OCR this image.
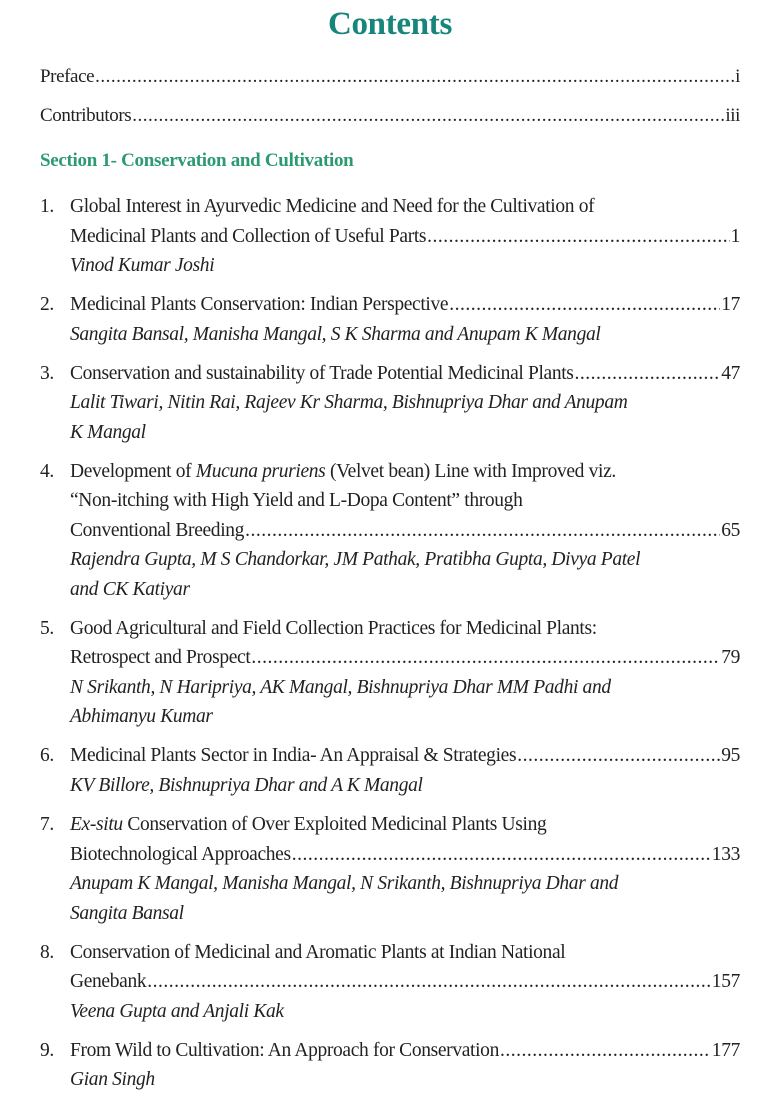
Contents
Preface .....	i
Contributors .....	iii
Section 1- Conservation and Cultivation
1. Global Interest in Ayurvedic Medicine and Need for the Cultivation of
Medicinal Plants and Collection of Useful Parts .....	1
Vinod Kumar Joshi
2. Medicinal Plants Conservation: Indian Perspective .....	17
Sangita Bansal, Manisha Mangal, S K Sharma and Anupam K Mangal
3. Conservation and sustainability of Trade Potential Medicinal Plants .....	47
Lalit Tiwari, Nitin Rai, Rajeev Kr Sharma, Bishnupriya Dhar and Anupam
K Mangal
4. Development of Mucuna pruriens (Velvet bean) Line with Improved viz.
“Non-itching with High Yield and L-Dopa Content” through
Conventional Breeding .....	65
Rajendra Gupta, M S Chandorkar, JM Pathak, Pratibha Gupta, Divya Patel
and CK Katiyar
5. Good Agricultural and Field Collection Practices for Medicinal Plants:
Retrospect and Prospect .....	79
N Srikanth, N Haripriya, AK Mangal, Bishnupriya Dhar MM Padhi and
Abhimanyu Kumar
6. Medicinal Plants Sector in India- An Appraisal & Strategies .....	95
KV Billore, Bishnupriya Dhar and A K Mangal
7. Ex-situ Conservation of Over Exploited Medicinal Plants Using
Biotechnological Approaches .....	133
Anupam K Mangal, Manisha Mangal, N Srikanth, Bishnupriya Dhar and
Sangita Bansal
8. Conservation of Medicinal and Aromatic Plants at Indian National
Genebank .....	157
Veena Gupta and Anjali Kak
9. From Wild to Cultivation: An Approach for Conservation .....	177
Gian Singh
